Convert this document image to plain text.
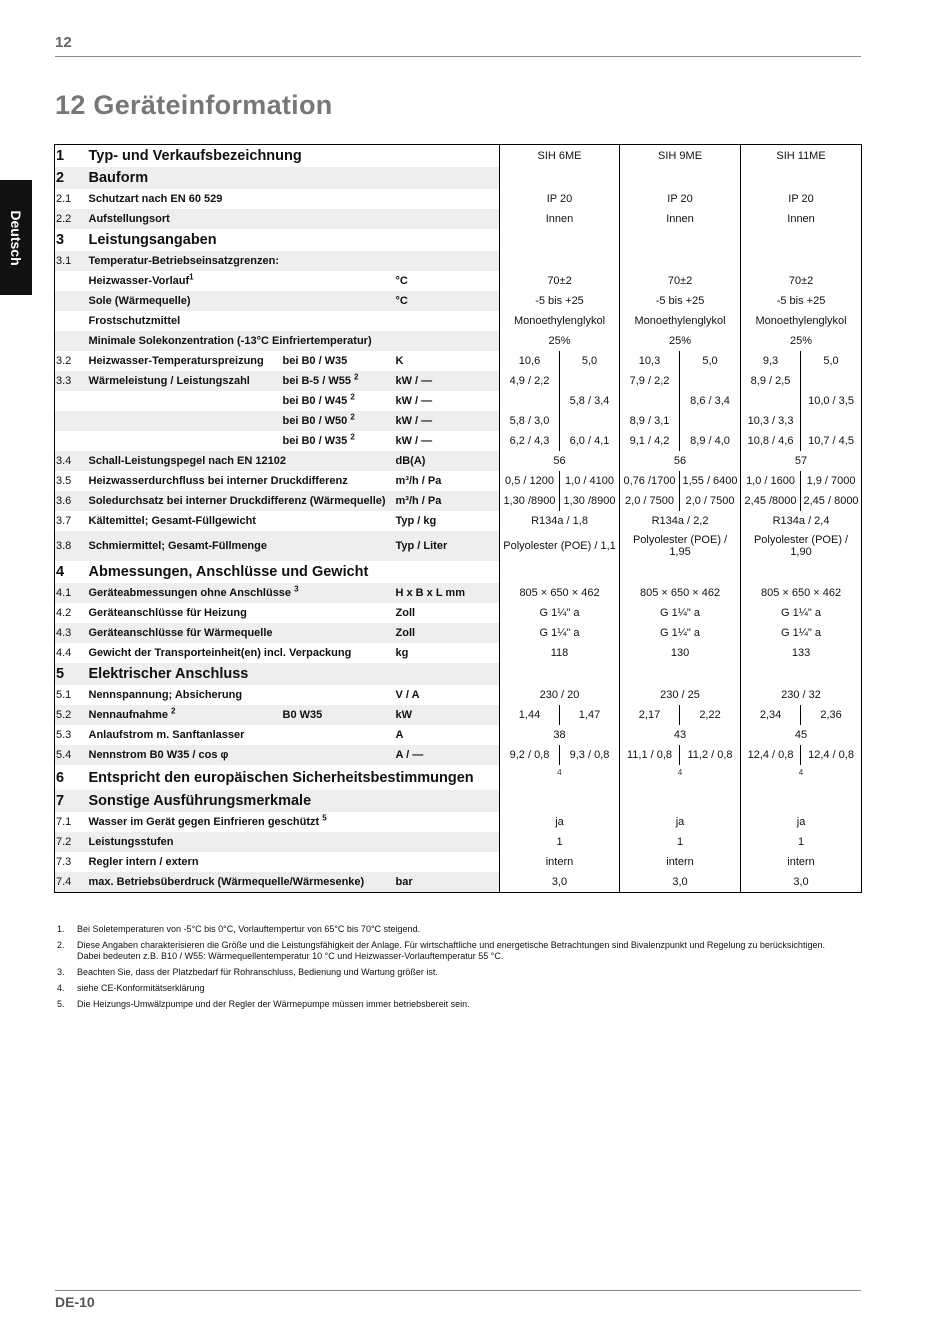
12
12 Geräteinformation
Deutsch
1	Typ- und Verkaufsbezeichnung			SIH 6ME		SIH 9ME		SIH 11ME	
2	Bauform								
2.1	Schutzart nach EN 60 529			IP 20		IP 20		IP 20	
2.2	Aufstellungsort			Innen		Innen		Innen	
3	Leistungsangaben								
3.1	Temperatur-Betriebseinsatzgrenzen:								
	Heizwasser-Vorlauf$^1$		°C	70±2		70±2		70±2	
	Sole (Wärmequelle)		°C	-5 bis +25		-5 bis +25		-5 bis +25	
	Frostschutzmittel			Monoethylenglykol		Monoethylenglykol		Monoethylenglykol	
	Minimale Solekonzentration (-13°C Einfriertemperatur)			25%		25%		25%	
3.2	Heizwasser-Temperaturspreizung	bei B0 / W35	K	10,6	5,0	10,3	5,0	9,3	5,0
3.3	Wärmeleistung / Leistungszahl	bei B-5 / W55 $^2$	kW / —	4,9 / 2,2		7,9 / 2,2		8,9 / 2,5	
		bei B0 / W45 $^2$	kW / —		5,8 / 3,4		8,6 / 3,4		10,0 / 3,5
		bei B0 / W50 $^2$	kW / —	5,8 / 3,0		8,9 / 3,1		10,3 / 3,3	
		bei B0 / W35 $^2$	kW / —	6,2 / 4,3	6,0 / 4,1	9,1 / 4,2	8,9 / 4,0	10,8 / 4,6	10,7 / 4,5
3.4	Schall-Leistungspegel nach EN 12102		dB(A)	56		56		57	
3.5	Heizwasserdurchfluss bei interner Druckdifferenz		m³/h / Pa	0,5 / 1200	1,0 / 4100	0,76 /1700	1,55 / 6400	1,0 / 1600	1,9 / 7000
3.6	Soledurchsatz bei interner Druckdifferenz (Wärmequelle)		m³/h / Pa	1,30 /8900	1,30 /8900	2,0 / 7500	2,0 / 7500	2,45 /8000	2,45 / 8000
3.7	Kältemittel; Gesamt-Füllgewicht		Typ / kg	R134a / 1,8		R134a / 2,2		R134a / 2,4	
3.8	Schmiermittel; Gesamt-Füllmenge		Typ / Liter	Polyolester (POE) / 1,1		Polyolester (POE) / 1,95		Polyolester (POE) / 1,90	
4	Abmessungen, Anschlüsse und Gewicht								
4.1	Geräteabmessungen ohne Anschlüsse $^3$		H x B x L mm	805 × 650 × 462		805 × 650 × 462		805 × 650 × 462	
4.2	Geräteanschlüsse für Heizung		Zoll	G 1¼" a		G 1¼" a		G 1¼" a	
4.3	Geräteanschlüsse für Wärmequelle		Zoll	G 1¼" a		G 1¼" a		G 1¼" a	
4.4	Gewicht der Transporteinheit(en) incl. Verpackung		kg	118		130		133	
5	Elektrischer Anschluss								
5.1	Nennspannung; Absicherung		V / A	230 / 20		230 / 25		230 / 32	
5.2	Nennaufnahme $^2$	B0 W35	kW	1,44	1,47	2,17	2,22	2,34	2,36
5.3	Anlaufstrom m. Sanftanlasser		A	38		43		45	
5.4	Nennstrom B0 W35 / cos φ		A / —	9,2 / 0,8	9,3 / 0,8	11,1 / 0,8	11,2 / 0,8	12,4 / 0,8	12,4 / 0,8
6	Entspricht den europäischen Sicherheitsbestimmungen			4		4		4	
7	Sonstige Ausführungsmerkmale								
7.1	Wasser im Gerät gegen Einfrieren geschützt $^5$			ja		ja		ja	
7.2	Leistungsstufen			1		1		1	
7.3	Regler intern / extern			intern		intern		intern	
7.4	max. Betriebsüberdruck (Wärmequelle/Wärmesenke)		bar	3,0		3,0		3,0	
1. Bei Soletemperaturen von -5°C bis 0°C, Vorlauftempertur von 65°C bis 70°C steigend.
2. Diese Angaben charakterisieren die Größe und die Leistungsfähigkeit der Anlage. Für wirtschaftliche und energetische Betrachtungen sind Bivalenzpunkt und Regelung zu berücksichtigen. Dabei bedeuten z.B. B10 / W55: Wärmequellentemperatur 10 °C und Heizwasser-Vorlauftemperatur 55 °C.
3. Beachten Sie, dass der Platzbedarf für Rohranschluss, Bedienung und Wartung größer ist.
4. siehe CE-Konformitätserklärung
5. Die Heizungs-Umwälzpumpe und der Regler der Wärmepumpe müssen immer betriebsbereit sein.
DE-10
